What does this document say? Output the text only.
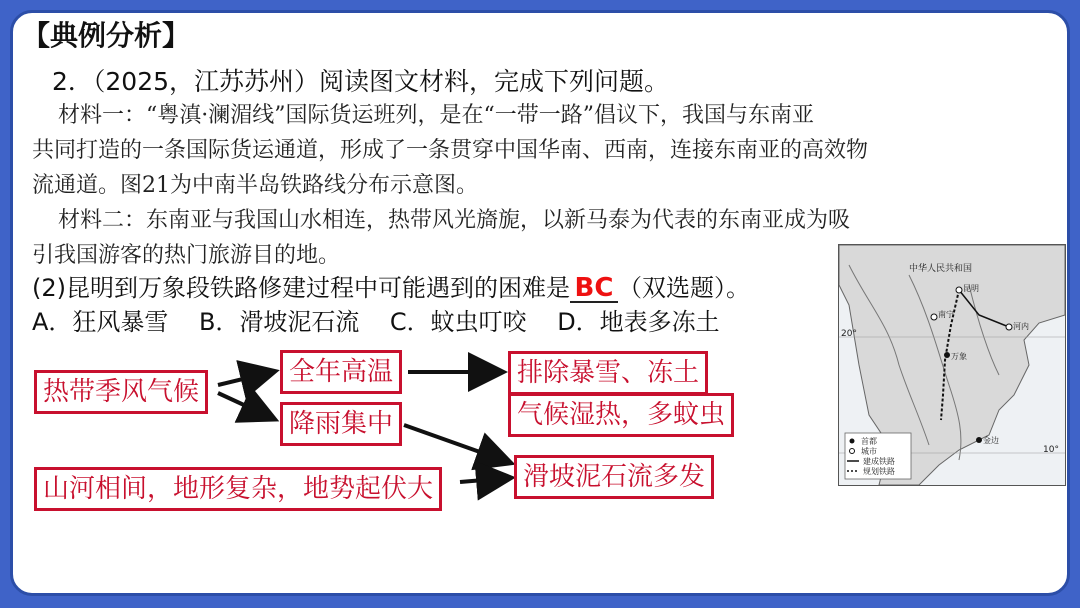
【典例分析】
2．（2025，江苏苏州）阅读图文材料，完成下列问题。
材料一：“粤滇·澜湄线”国际货运班列，是在“一带一路”倡议下，我国与东南亚
共同打造的一条国际货运通道，形成了一条贯穿中国华南、西南，连接东南亚的高效物
流通道。图21为中南半岛铁路线分布示意图。
材料二：东南亚与我国山水相连，热带风光旖旎，以新马泰为代表的东南亚成为吸
引我国游客的热门旅游目的地。
(2)昆明到万象段铁路修建过程中可能遇到的困难是 BC （双选题）。
A．狂风暴雪 B．滑坡泥石流 C．蚊虫叮咬 D．地表多冻土
热带季风气候
全年高温
降雨集中
山河相间，地形复杂，地势起伏大
排除暴雪、冻土
气候湿热，多蚊虫
滑坡泥石流多发
中华人民共和国
昆明
河内
万象
南宁
金边
20°
10°
首都
城市
建成铁路
规划铁路
